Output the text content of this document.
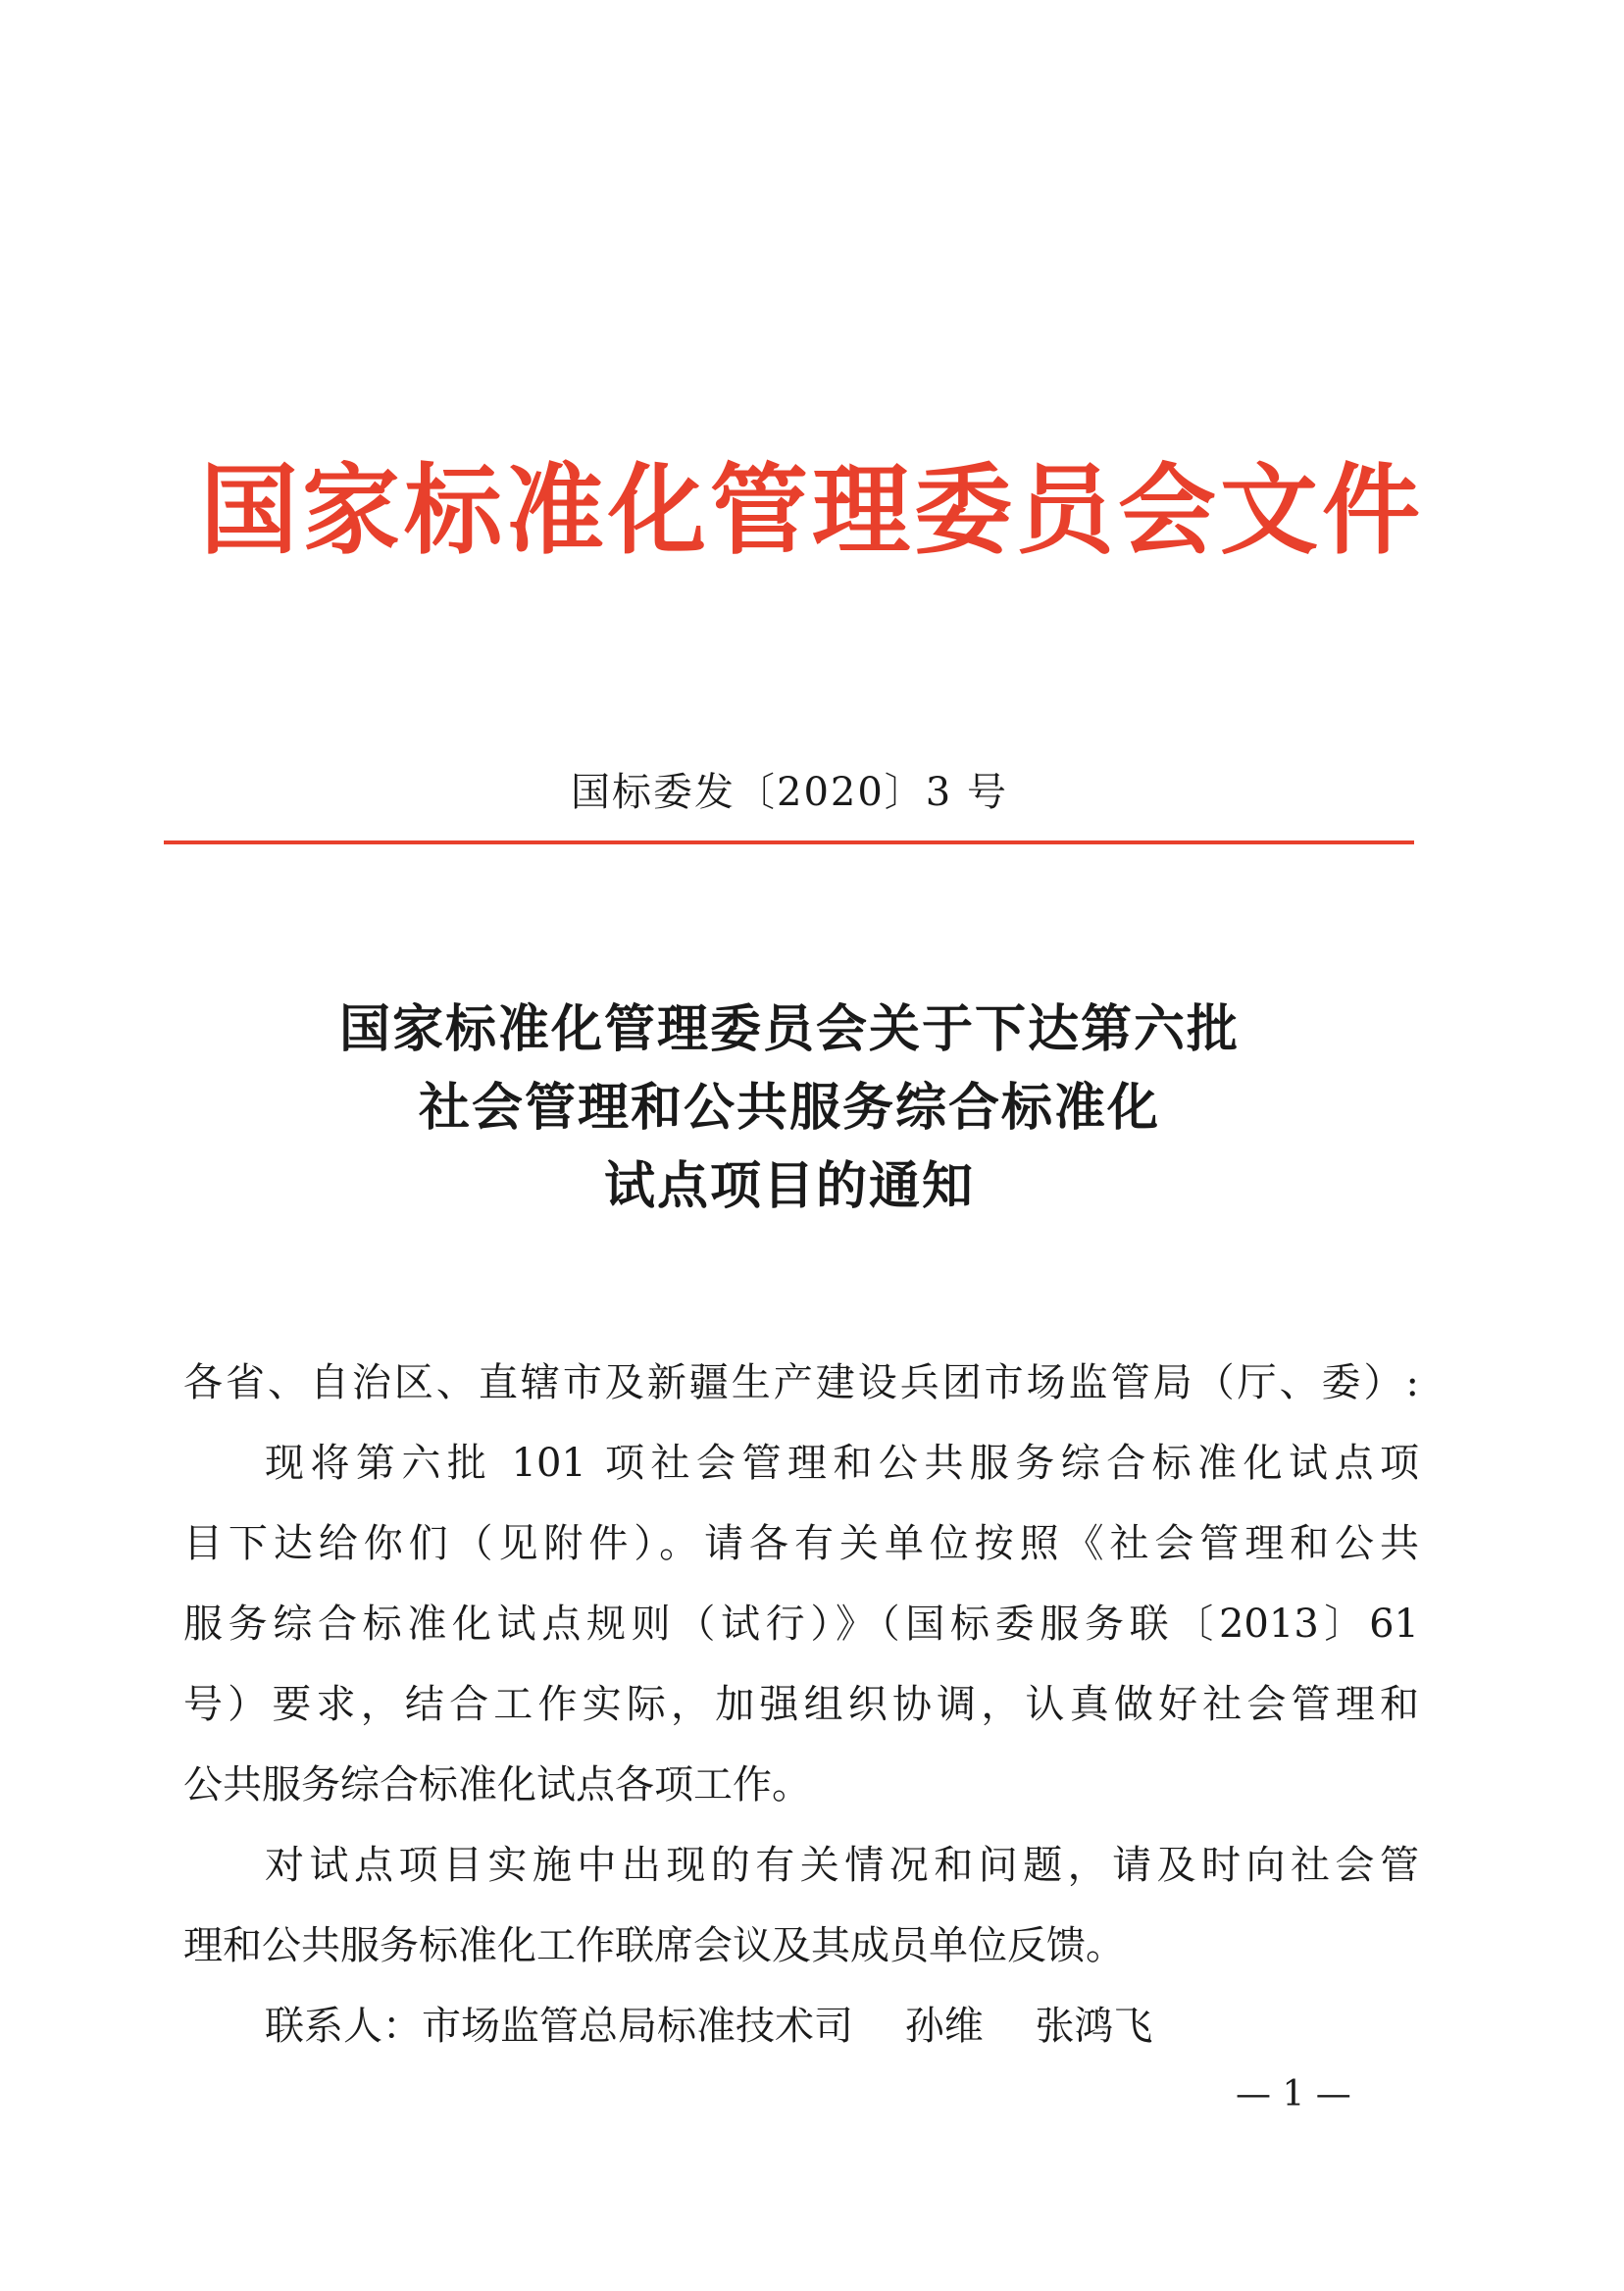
国家标准化管理委员会文件
国标委发〔2020〕3 号
国家标准化管理委员会关于下达第六批
社会管理和公共服务综合标准化
试点项目的通知
各省、自治区、直辖市及新疆生产建设兵团市场监管局（厅、委）:
现将第六批 101 项社会管理和公共服务综合标准化试点项
目下达给你们（见附件）。请各有关单位按照《社会管理和公共
服务综合标准化试点规则（试行）》（国标委服务联〔2013〕61
号）要求，结合工作实际，加强组织协调，认真做好社会管理和
公共服务综合标准化试点各项工作。
对试点项目实施中出现的有关情况和问题，请及时向社会管
理和公共服务标准化工作联席会议及其成员单位反馈。
联系人：市场监管总局标准技术司 孙维 张鸿飞
— 1 —
